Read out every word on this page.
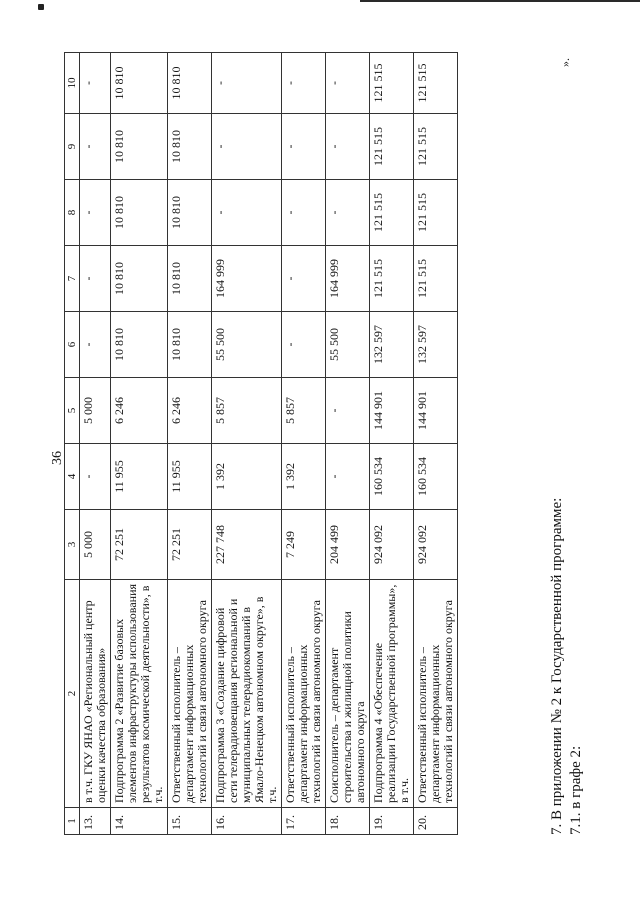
36
1	2	3	4	5	6	7	8	9	10
13.	в т.ч. ГКУ ЯНАО «Региональный центр оценки качества образования»	5 000	-	5 000	-	-	-	-	-
14.	Подпрограмма 2 «Развитие базовых элементов инфраструктуры использования результатов космической деятельности», в т.ч.	72 251	11 955	6 246	10 810	10 810	10 810	10 810	10 810
15.	Ответственный исполнитель – департамент информационных технологий и связи автономного округа	72 251	11 955	6 246	10 810	10 810	10 810	10 810	10 810
16.	Подпрограмма 3 «Создание цифровой сети телерадиовещания региональной и муниципальных телерадиокомпаний в Ямало-Ненецком автономном округе», в т.ч.	227 748	1 392	5 857	55 500	164 999	-	-	-
17.	Ответственный исполнитель – департамент информационных технологий и связи автономного округа	7 249	1 392	5 857	-	-	-	-	-
18.	Соисполнитель – департамент строительства и жилищной политики автономного округа	204 499	-	-	55 500	164 999	-	-	-
19.	Подпрограмма 4 «Обеспечение реализации Государственной программы», в т.ч.	924 092	160 534	144 901	132 597	121 515	121 515	121 515	121 515
20.	Ответственный исполнитель – департамент информационных технологий и связи автономного округа	924 092	160 534	144 901	132 597	121 515	121 515	121 515	121 515
».
7. В приложении № 2 к Государственной программе: 7.1. в графе 2:
